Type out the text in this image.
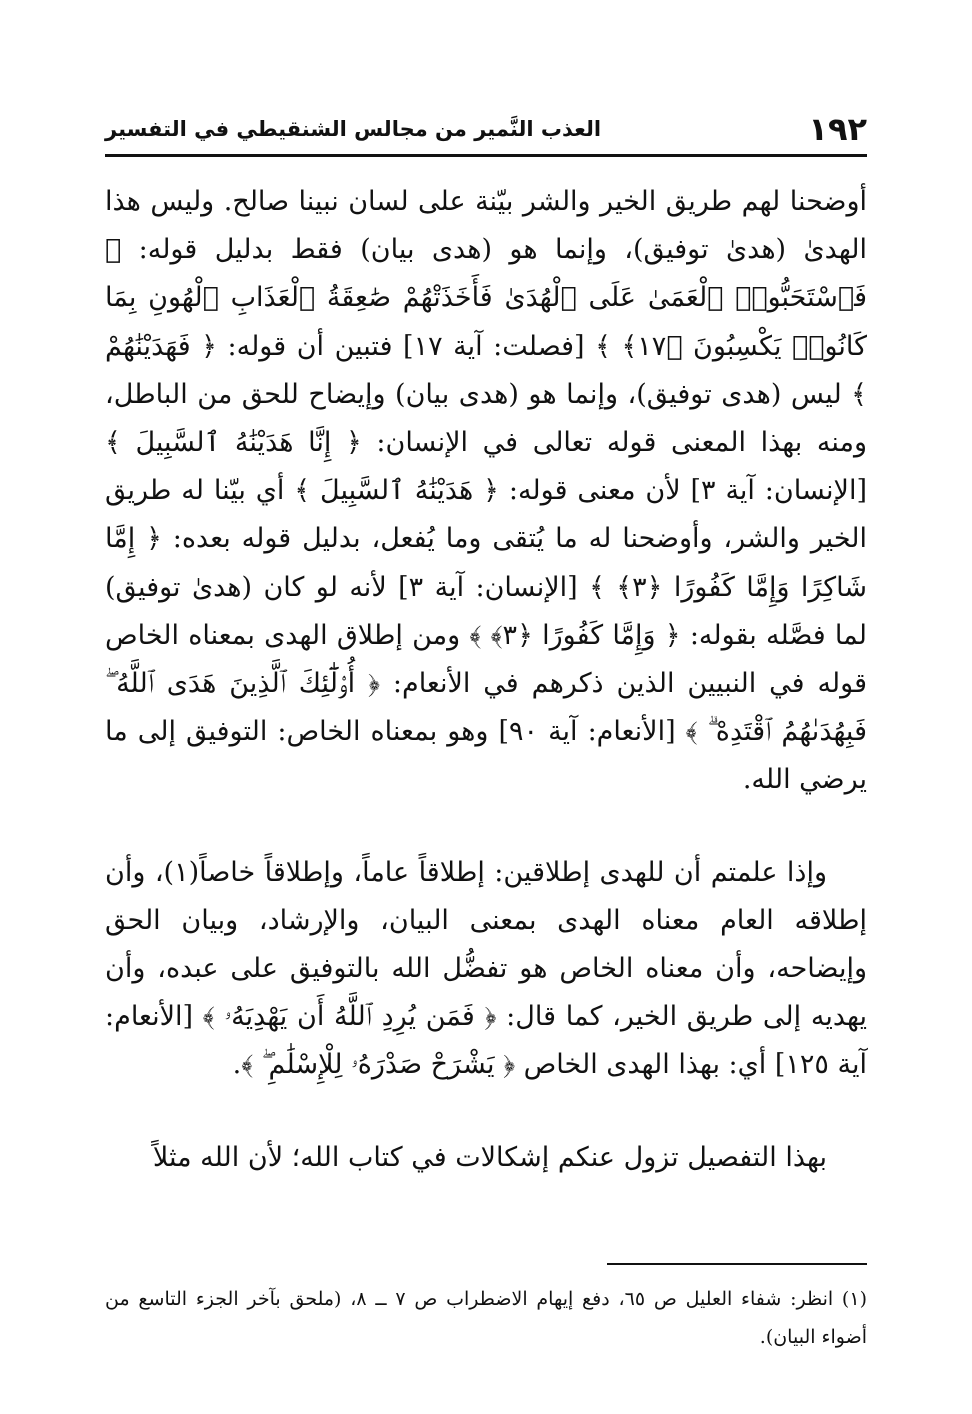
١٩٢
العذب النَّمير من مجالس الشنقيطي في التفسير

أوضحنا لهم طريق الخير والشر بيّنة على لسان نبينا صالح. وليس هذا الهدىٰ (هدىٰ توفيق)، وإنما هو (هدى بيان) فقط بدليل قوله: ﴿ فَٱسْتَحَبُّوا۟ ٱلْعَمَىٰ عَلَى ٱلْهُدَىٰ فَأَخَذَتْهُمْ صَٰعِقَةُ ٱلْعَذَابِ ٱلْهُونِ بِمَا كَانُوا۟ يَكْسِبُونَ ﴿١٧﴾ ﴾ [فصلت: آية ١٧] فتبين أن قوله: ﴿ فَهَدَيْنَٰهُمْ ﴾ ليس (هدى توفيق)، وإنما هو (هدى بيان) وإيضاح للحق من الباطل، ومنه بهذا المعنى قوله تعالى في الإنسان: ﴿ إِنَّا هَدَيْنَٰهُ ٱلسَّبِيلَ ﴾ [الإنسان: آية ٣] لأن معنى قوله: ﴿ هَدَيْنَٰهُ ٱلسَّبِيلَ ﴾ أي بيّنا له طريق الخير والشر، وأوضحنا له ما يُتقى وما يُفعل، بدليل قوله بعده: ﴿ إِمَّا شَاكِرًا وَإِمَّا كَفُورًا ﴿٣﴾ ﴾ [الإنسان: آية ٣] لأنه لو كان (هدىٰ توفيق) لما فصَّله بقوله: ﴿ وَإِمَّا كَفُورًا ﴿٣﴾ ﴾ ومن إطلاق الهدى بمعناه الخاص قوله في النبيين الذين ذكرهم في الأنعام: ﴿ أُو۟لَٰٓئِكَ ٱلَّذِينَ هَدَى ٱللَّهُ ۖ فَبِهُدَىٰهُمُ ٱقْتَدِهْ ۗ ﴾ [الأنعام: آية ٩٠] وهو بمعناه الخاص: التوفيق إلى ما يرضي الله.

وإذا علمتم أن للهدى إطلاقين: إطلاقاً عاماً، وإطلاقاً خاصاً(١)، وأن إطلاقه العام معناه الهدى بمعنى البيان، والإرشاد، وبيان الحق وإيضاحه، وأن معناه الخاص هو تفضُّل الله بالتوفيق على عبده، وأن يهديه إلى طريق الخير، كما قال: ﴿ فَمَن يُرِدِ ٱللَّهُ أَن يَهْدِيَهُۥ ﴾ [الأنعام: آية ١٢٥] أي: بهذا الهدى الخاص ﴿ يَشْرَحْ صَدْرَهُۥ لِلْإِسْلَٰمِ ۖ ﴾.

بهذا التفصيل تزول عنكم إشكالات في كتاب الله؛ لأن الله مثلاً

(١) انظر: شفاء العليل ص ٦٥، دفع إيهام الاضطراب ص ٧ ــ ٨، (ملحق بآخر الجزء التاسع من أضواء البيان).
